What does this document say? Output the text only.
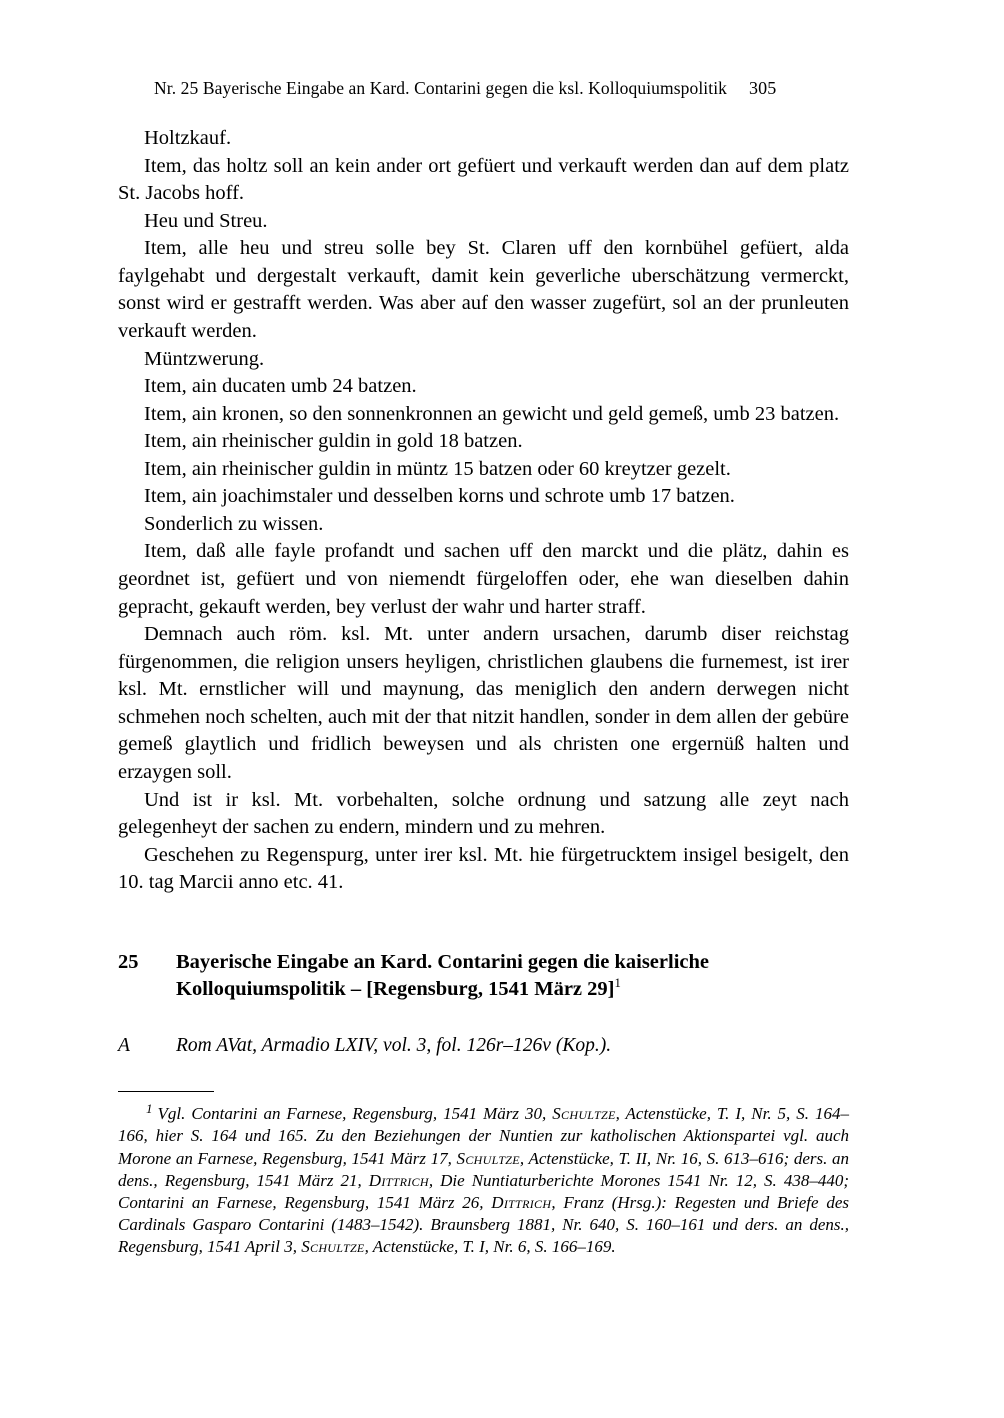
Nr. 25 Bayerische Eingabe an Kard. Contarini gegen die ksl. Kolloquiumspolitik 305

Holtzkauf.

Item, das holtz soll an kein ander ort gefüert und verkauft werden dan auf dem platz St. Jacobs hoff.

Heu und Streu.

Item, alle heu und streu solle bey St. Claren uff den kornbühel gefüert, alda faylgehabt und dergestalt verkauft, damit kein geverliche uberschätzung vermerckt, sonst wird er gestrafft werden. Was aber auf den wasser zugefürt, sol an der prunleuten verkauft werden.

Müntzwerung.

Item, ain ducaten umb 24 batzen.

Item, ain kronen, so den sonnenkronnen an gewicht und geld gemeß, umb 23 batzen.

Item, ain rheinischer guldin in gold 18 batzen.

Item, ain rheinischer guldin in müntz 15 batzen oder 60 kreytzer gezelt.

Item, ain joachimstaler und desselben korns und schrote umb 17 batzen.

Sonderlich zu wissen.

Item, daß alle fayle profandt und sachen uff den marckt und die plätz, dahin es geordnet ist, gefüert und von niemendt fürgeloffen oder, ehe wan dieselben dahin gepracht, gekauft werden, bey verlust der wahr und harter straff.

Demnach auch röm. ksl. Mt. unter andern ursachen, darumb diser reichstag fürgenommen, die religion unsers heyligen, christlichen glaubens die furnemest, ist irer ksl. Mt. ernstlicher will und maynung, das meniglich den andern derwegen nicht schmehen noch schelten, auch mit der that nitzit handlen, sonder in dem allen der gebüre gemeß glaytlich und fridlich beweysen und als christen one ergernüß halten und erzaygen soll.

Und ist ir ksl. Mt. vorbehalten, solche ordnung und satzung alle zeyt nach gelegenheyt der sachen zu endern, mindern und zu mehren.

Geschehen zu Regenspurg, unter irer ksl. Mt. hie fürgetrucktem insigel besigelt, den 10. tag Marcii anno etc. 41.

25	Bayerische Eingabe an Kard. Contarini gegen die kaiserliche Kolloquiumspolitik – [Regensburg, 1541 März 29]$^1$
A	Rom AVat, Armadio LXIV, vol. 3, fol. 126r–126v (Kop.).
$^1$ Vgl. Contarini an Farnese, Regensburg, 1541 März 30, Schultze, Actenstücke, T. I, Nr. 5, S. 164–166, hier S. 164 und 165. Zu den Beziehungen der Nuntien zur katholischen Aktionspartei vgl. auch Morone an Farnese, Regensburg, 1541 März 17, Schultze, Actenstücke, T. II, Nr. 16, S. 613–616; ders. an dens., Regensburg, 1541 März 21, Dittrich, Die Nuntiaturberichte Morones 1541 Nr. 12, S. 438–440; Contarini an Farnese, Regensburg, 1541 März 26, Dittrich, Franz (Hrsg.): Regesten und Briefe des Cardinals Gasparo Contarini (1483–1542). Braunsberg 1881, Nr. 640, S. 160–161 und ders. an dens., Regensburg, 1541 April 3, Schultze, Actenstücke, T. I, Nr. 6, S. 166–169.
